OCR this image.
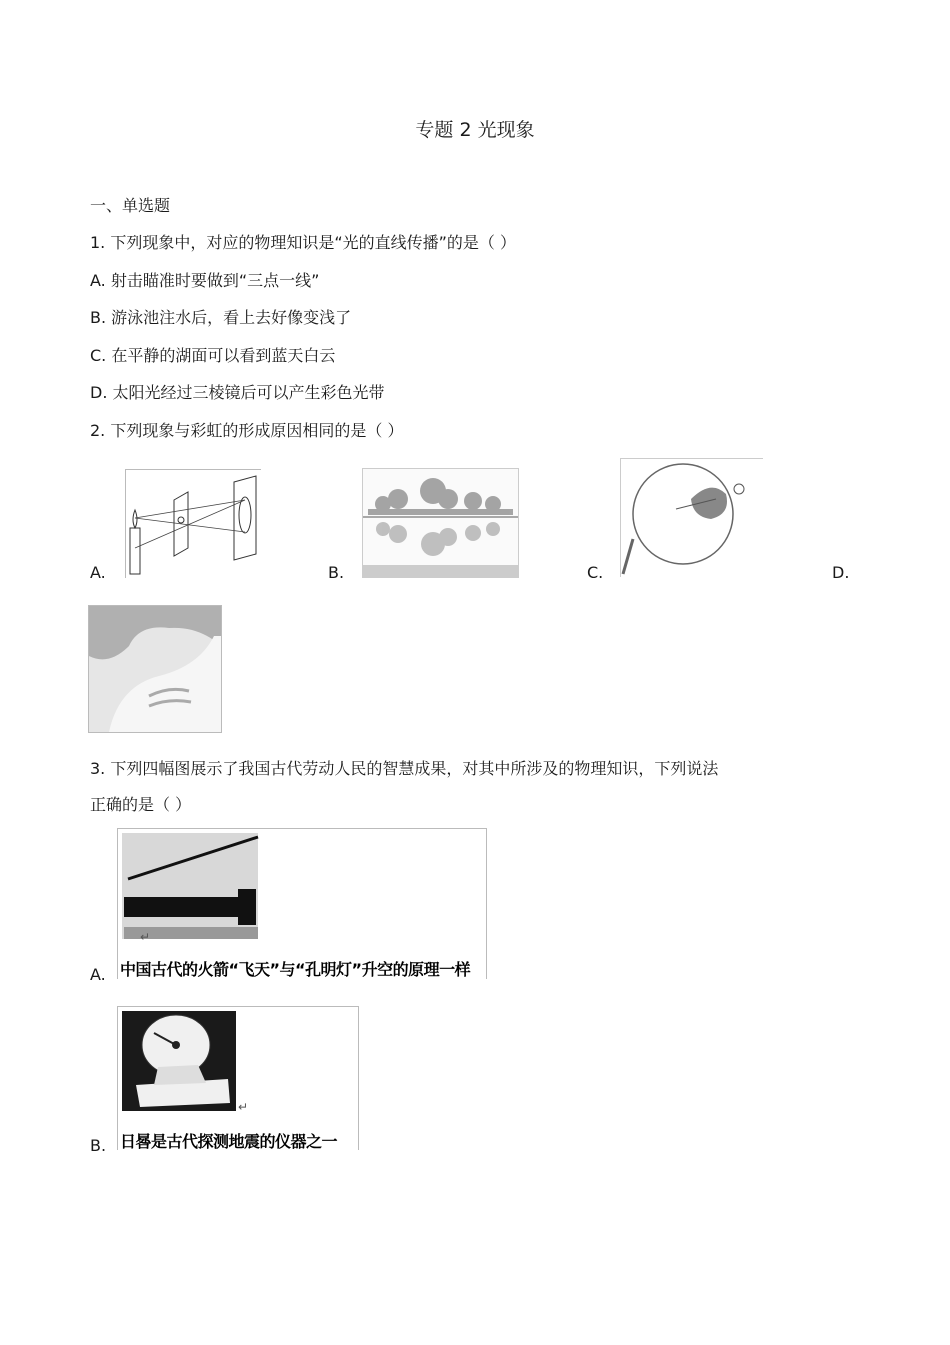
专题 2 光现象
一、单选题
1. 下列现象中，对应的物理知识是“光的直线传播”的是（ ）
A. 射击瞄准时要做到“三点一线”
B. 游泳池注水后，看上去好像变浅了
C. 在平静的湖面可以看到蓝天白云
D. 太阳光经过三棱镜后可以产生彩色光带
2. 下列现象与彩虹的形成原因相同的是（ ）
A.	B.	C.	D.
3. 下列四幅图展示了我国古代劳动人民的智慧成果，对其中所涉及的物理知识，下列说法
正确的是（ ）
A.
↵
中国古代的火箭“飞天”与“孔明灯”升空的原理一样
B.
↵
日晷是古代探测地震的仪器之一
